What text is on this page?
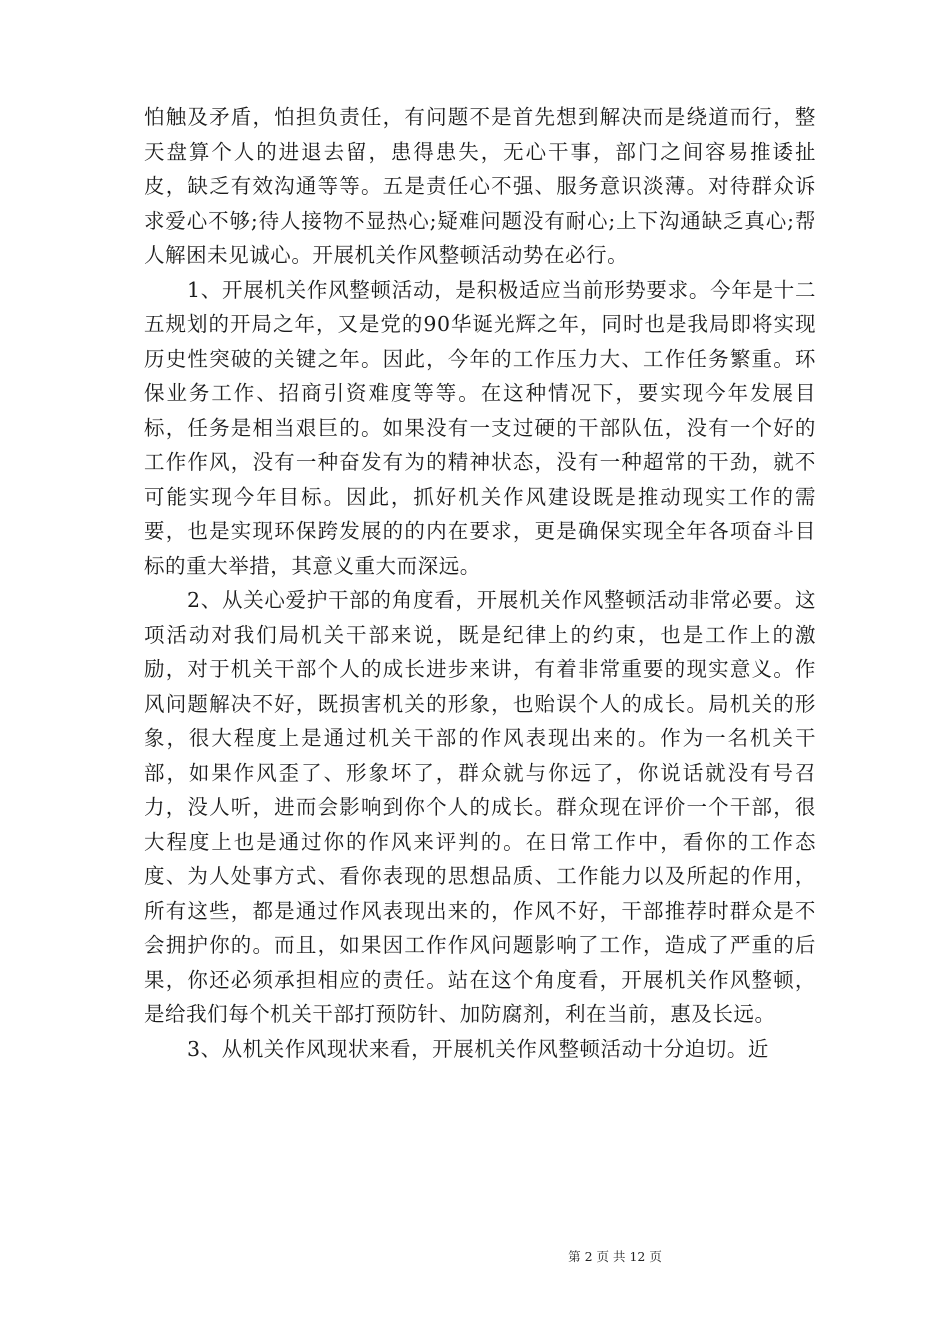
怕触及矛盾，怕担负责任，有问题不是首先想到解决而是绕道而行，整天盘算个人的进退去留，患得患失，无心干事，部门之间容易推诿扯皮，缺乏有效沟通等等。五是责任心不强、服务意识淡薄。对待群众诉求爱心不够;待人接物不显热心;疑难问题没有耐心;上下沟通缺乏真心;帮人解困未见诚心。开展机关作风整顿活动势在必行。

1、开展机关作风整顿活动，是积极适应当前形势要求。今年是十二五规划的开局之年，又是党的90华诞光辉之年，同时也是我局即将实现历史性突破的关键之年。因此，今年的工作压力大、工作任务繁重。环保业务工作、招商引资难度等等。在这种情况下，要实现今年发展目标，任务是相当艰巨的。如果没有一支过硬的干部队伍，没有一个好的工作作风，没有一种奋发有为的精神状态，没有一种超常的干劲，就不可能实现今年目标。因此，抓好机关作风建设既是推动现实工作的需要，也是实现环保跨发展的的内在要求，更是确保实现全年各项奋斗目标的重大举措，其意义重大而深远。

2、从关心爱护干部的角度看，开展机关作风整顿活动非常必要。这项活动对我们局机关干部来说，既是纪律上的约束，也是工作上的激励，对于机关干部个人的成长进步来讲，有着非常重要的现实意义。作风问题解决不好，既损害机关的形象，也贻误个人的成长。局机关的形象，很大程度上是通过机关干部的作风表现出来的。作为一名机关干部，如果作风歪了、形象坏了，群众就与你远了，你说话就没有号召力，没人听，进而会影响到你个人的成长。群众现在评价一个干部，很大程度上也是通过你的作风来评判的。在日常工作中，看你的工作态度、为人处事方式、看你表现的思想品质、工作能力以及所起的作用，所有这些，都是通过作风表现出来的，作风不好，干部推荐时群众是不会拥护你的。而且，如果因工作作风问题影响了工作，造成了严重的后果，你还必须承担相应的责任。站在这个角度看，开展机关作风整顿，是给我们每个机关干部打预防针、加防腐剂，利在当前，惠及长远。

3、从机关作风现状来看，开展机关作风整顿活动十分迫切。近

第 2 页 共 12 页
